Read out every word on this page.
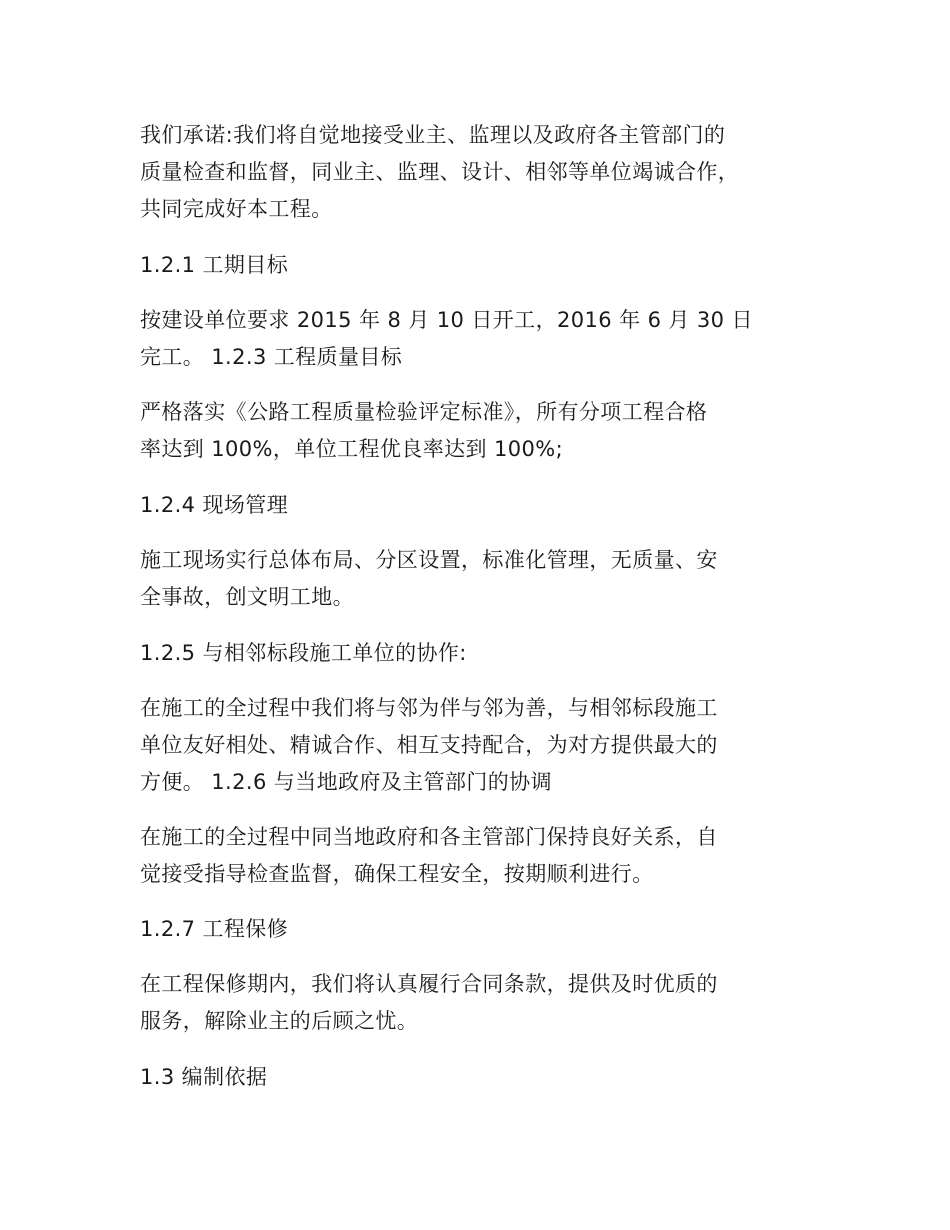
我们承诺:我们将自觉地接受业主、监理以及政府各主管部门的
质量检查和监督，同业主、监理、设计、相邻等单位竭诚合作，
共同完成好本工程。
1.2.1 工期目标
按建设单位要求 2015 年 8 月 10 日开工，2016 年 6 月 30 日
完工。 1.2.3 工程质量目标
严格落实《公路工程质量检验评定标准》，所有分项工程合格
率达到 100%，单位工程优良率达到 100%;
1.2.4 现场管理
施工现场实行总体布局、分区设置，标准化管理，无质量、安
全事故，创文明工地。
1.2.5 与相邻标段施工单位的协作:
在施工的全过程中我们将与邻为伴与邻为善，与相邻标段施工
单位友好相处、精诚合作、相互支持配合，为对方提供最大的
方便。 1.2.6 与当地政府及主管部门的协调
在施工的全过程中同当地政府和各主管部门保持良好关系，自
觉接受指导检查监督，确保工程安全，按期顺利进行。
1.2.7 工程保修
在工程保修期内，我们将认真履行合同条款，提供及时优质的
服务，解除业主的后顾之忧。
1.3 编制依据
